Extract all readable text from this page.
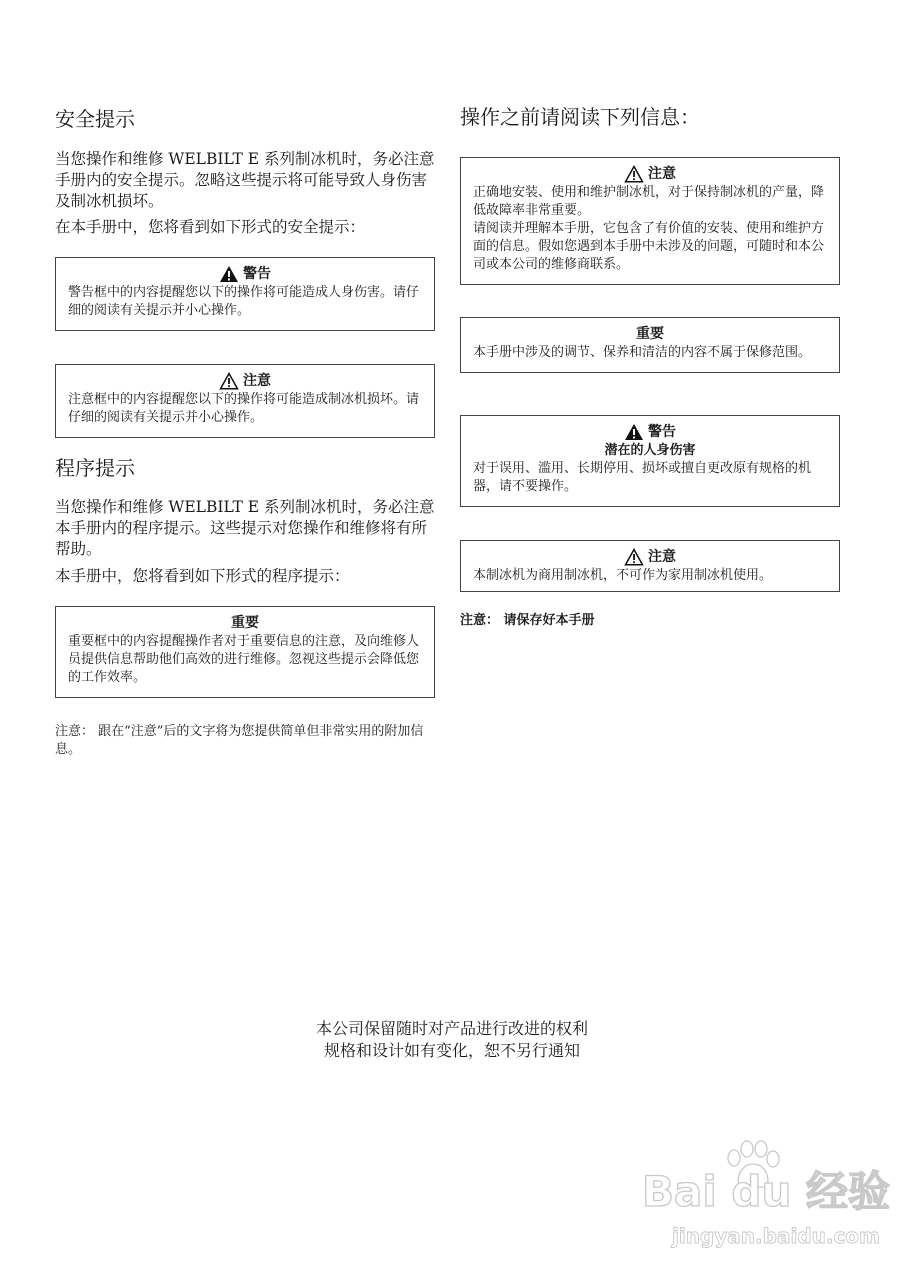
安全提示

当您操作和维修 WELBILT E 系列制冰机时，务必注意手册内的安全提示。忽略这些提示将可能导致人身伤害及制冰机损坏。

在本手册中，您将看到如下形式的安全提示：

警告
警告框中的内容提醒您以下的操作将可能造成人身伤害。请仔细的阅读有关提示并小心操作。
注意
注意框中的内容提醒您以下的操作将可能造成制冰机损坏。请仔细的阅读有关提示并小心操作。
程序提示

当您操作和维修 WELBILT E 系列制冰机时，务必注意本手册内的程序提示。这些提示对您操作和维修将有所帮助。

本手册中，您将看到如下形式的程序提示：

重要
重要框中的内容提醒操作者对于重要信息的注意，及向维修人员提供信息帮助他们高效的进行维修。忽视这些提示会降低您的工作效率。

注意： 跟在“注意”后的文字将为您提供简单但非常实用的附加信息。

操作之前请阅读下列信息：
注意
正确地安装、使用和维护制冰机，对于保持制冰机的产量，降低故障率非常重要。
请阅读并理解本手册，它包含了有价值的安装、使用和维护方面的信息。假如您遇到本手册中未涉及的问题，可随时和本公司或本公司的维修商联系。
重要
本手册中涉及的调节、保养和清洁的内容不属于保修范围。
警告
潜在的人身伤害
对于误用、滥用、长期停用、损坏或擅自更改原有规格的机器，请不要操作。
注意
本制冰机为商用制冰机，不可作为家用制冰机使用。

注意： 请保存好本手册

本公司保留随时对产品进行改进的权利
规格和设计如有变化，恕不另行通知
Bai du 经验
jingyan.baidu.com
